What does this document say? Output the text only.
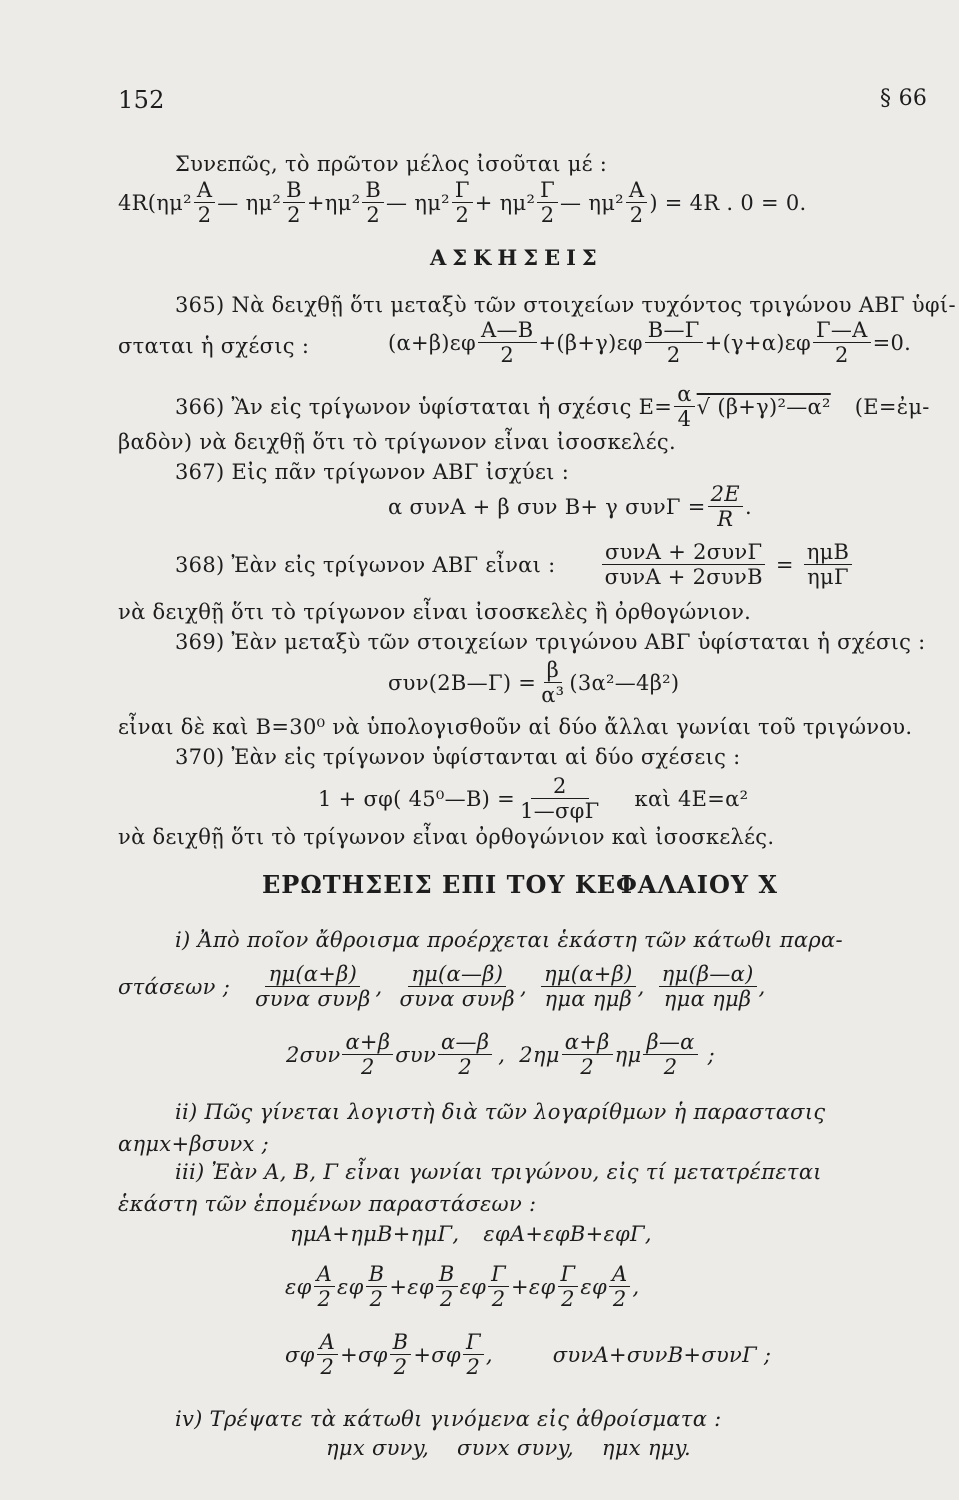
152	§ 66
Συνεπῶς, τὸ πρῶτον μέλος ἰσοῦται μέ :
4R( $\eta\mu^2 \frac{A}{2}$ — $\eta\mu^2 \frac{B}{2} +\eta\mu^2 \frac{B}{2}$ — $\eta\mu^2 \frac{\Gamma}{2} + \eta\mu^2 \frac{\Gamma}{2}$ — $\eta\mu^2 \frac{A}{2}$ ) = 4R . 0 = 0.
ΑΣΚΗΣΕΙΣ
365) Νὰ δειχθῇ ὅτι μεταξὺ τῶν στοιχείων τυχόντος τριγώνου ΑΒΓ ὑφί-
σταται ἡ σχέσις :	$(\alpha+\beta)\varepsilon\varphi \frac{A—B}{2} +(\beta+\gamma)\varepsilon\varphi \frac{B—\Gamma}{2} +(\gamma+\alpha)\varepsilon\varphi \frac{\Gamma—A}{2} =0$.
366) Ἂν εἰς τρίγωνον ὑφίσταται ἡ σχέσις $E= \frac{\alpha}{4}$ √ (β+γ)²—α² (E=ἐμ-
βαδὸν) νὰ δειχθῇ ὅτι τὸ τρίγωνον εἶναι ἰσοσκελές.
367) Εἰς πᾶν τρίγωνον ΑΒΓ ἰσχύει :
α συνΑ + β συν Β+ γ $\sigma\upsilon\nu\Gamma = \frac{2E}{R}$ .
368) Ἐὰν εἰς τρίγωνον ΑΒΓ εἶναι : $\frac{\text{συνΑ + 2συνΓ}}{\text{συνΑ + 2συνΒ}} = \frac{\text{ημΒ}}{\text{ημΓ}}$
νὰ δειχθῇ ὅτι τὸ τρίγωνον εἶναι ἰσοσκελὲς ἢ ὀρθογώνιον.
369) Ἐὰν μεταξὺ τῶν στοιχείων τριγώνου ΑΒΓ ὑφίσταται ἡ σχέσις :
συν(2Β—Γ) = $\frac{\beta}{\text{α³}}$ (3α²—4β²)
εἶναι δὲ καὶ Β=30⁰ νὰ ὑπολογισθοῦν αἱ δύο ἄλλαι γωνίαι τοῦ τριγώνου.
370) Ἐὰν εἰς τρίγωνον ὑφίστανται αἱ δύο σχέσεις :
1 + σφ( 45⁰—Β) = $\frac{2}{\text{1—σφΓ}}$ καὶ 4E=α²
νὰ δειχθῇ ὅτι τὸ τρίγωνον εἶναι ὀρθογώνιον καὶ ἰσοσκελές.
ΕΡΩΤΗΣΕΙΣ ΕΠΙ ΤΟΥ ΚΕΦΑΛΑΙΟΥ Χ
i) Ἀπὸ ποῖον ἄθροισμα προέρχεται ἑκάστη τῶν κάτωθι παρα-
στάσεων ; $\frac{\eta\mu(\alpha+\beta)}{\text{συνα συνβ}}$ , $\frac{\eta\mu(\alpha—\beta)}{\text{συνα συνβ}}$ , $\frac{\eta\mu(\alpha+\beta)}{\text{ημα ημβ}}$ , $\frac{\eta\mu(\beta—\alpha)}{\text{ημα ημβ}}$ ,
$2\sigma\upsilon\nu \frac{\alpha+\beta}{2}$ συν $\frac{\alpha—\beta}{2}$ , $2\eta\mu \frac{\alpha+\beta}{2}$ ημ $\frac{\beta—\alpha}{2}$ ;
ii) Πῶς γίνεται λογιστὴ διὰ τῶν λογαρίθμων ἡ παραστασις
αημx+βσυνx ;
iii) Ἐὰν A, B, Γ εἶναι γωνίαι τριγώνου, εἰς τί μετατρέπεται
ἑκάστη τῶν ἑπομένων παραστάσεων :
ημA+ημB+ημΓ, εφA+εφB+εφΓ,
εφ $\frac{A}{2}$ εφ $\frac{B}{2} +\varepsilon\varphi \frac{B}{2}$ εφ $\frac{\Gamma}{2} +\varepsilon\varphi \frac{\Gamma}{2}$ εφ $\frac{A}{2}$ ,
σφ $\frac{A}{2} +\sigma\varphi \frac{B}{2} +\sigma\varphi \frac{\Gamma}{2}$ ,	συνA+συνB+συνΓ ;
iv) Τρέψατε τὰ κάτωθι γινόμενα εἰς ἀθροίσματα :
ημx συνy,    συνx συνy,    ημx ημy.
